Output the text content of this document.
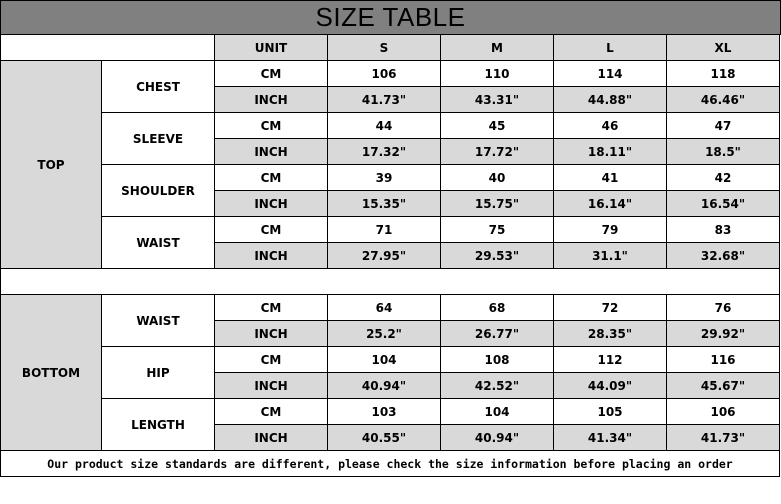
SIZE TABLE
		UNIT	S	M	L	XL
TOP	CHEST	CM	106	110	114	118
		INCH	41.73"	43.31"	44.88"	46.46"
	SLEEVE	CM	44	45	46	47
		INCH	17.32"	17.72"	18.11"	18.5"
	SHOULDER	CM	39	40	41	42
		INCH	15.35"	15.75"	16.14"	16.54"
	WAIST	CM	71	75	79	83
		INCH	27.95"	29.53"	31.1"	32.68"

BOTTOM	WAIST	CM	64	68	72	76
		INCH	25.2"	26.77"	28.35"	29.92"
	HIP	CM	104	108	112	116
		INCH	40.94"	42.52"	44.09"	45.67"
	LENGTH	CM	103	104	105	106
		INCH	40.55"	40.94"	41.34"	41.73"
Our product size standards are different, please check the size information before placing an order						
